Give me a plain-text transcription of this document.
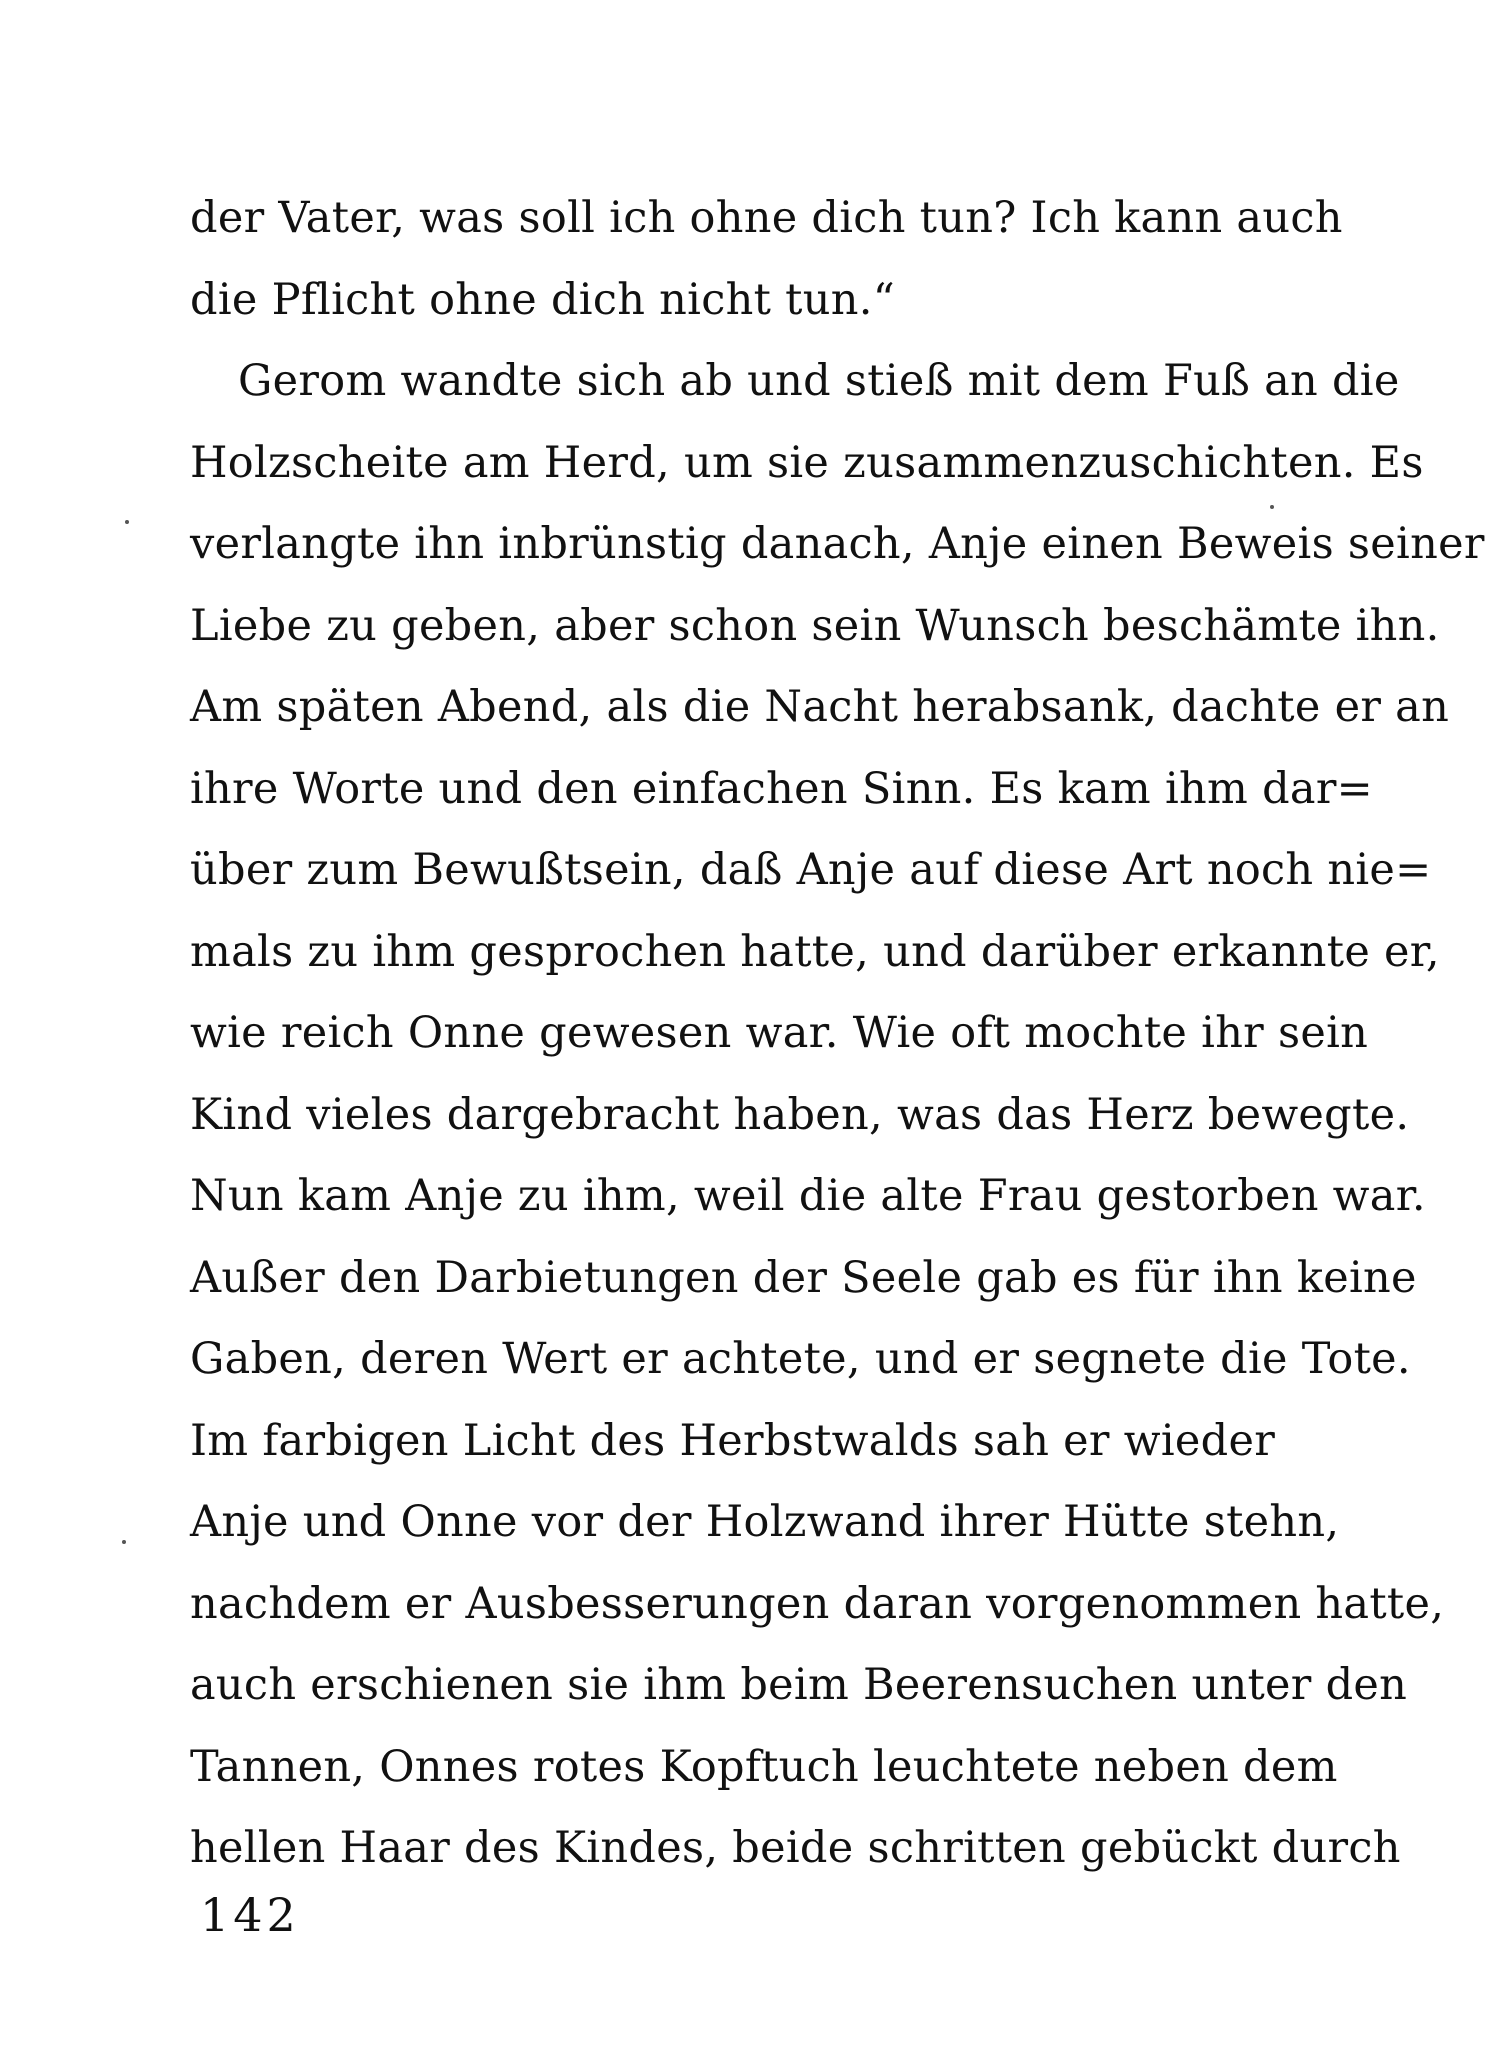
der Vater, was soll ich ohne dich tun? Ich kann auch
die Pflicht ohne dich nicht tun.“
Gerom wandte sich ab und stieß mit dem Fuß an die
Holzscheite am Herd, um sie zusammenzuschichten. Es
verlangte ihn inbrünstig danach, Anje einen Beweis seiner
Liebe zu geben, aber schon sein Wunsch beschämte ihn.
Am späten Abend, als die Nacht herabsank, dachte er an
ihre Worte und den einfachen Sinn. Es kam ihm dar=
über zum Bewußtsein, daß Anje auf diese Art noch nie=
mals zu ihm gesprochen hatte, und darüber erkannte er,
wie reich Onne gewesen war. Wie oft mochte ihr sein
Kind vieles dargebracht haben, was das Herz bewegte.
Nun kam Anje zu ihm, weil die alte Frau gestorben war.
Außer den Darbietungen der Seele gab es für ihn keine
Gaben, deren Wert er achtete, und er segnete die Tote.
Im farbigen Licht des Herbstwalds sah er wieder
Anje und Onne vor der Holzwand ihrer Hütte stehn,
nachdem er Ausbesserungen daran vorgenommen hatte,
auch erschienen sie ihm beim Beerensuchen unter den
Tannen, Onnes rotes Kopftuch leuchtete neben dem
hellen Haar des Kindes, beide schritten gebückt durch
142
